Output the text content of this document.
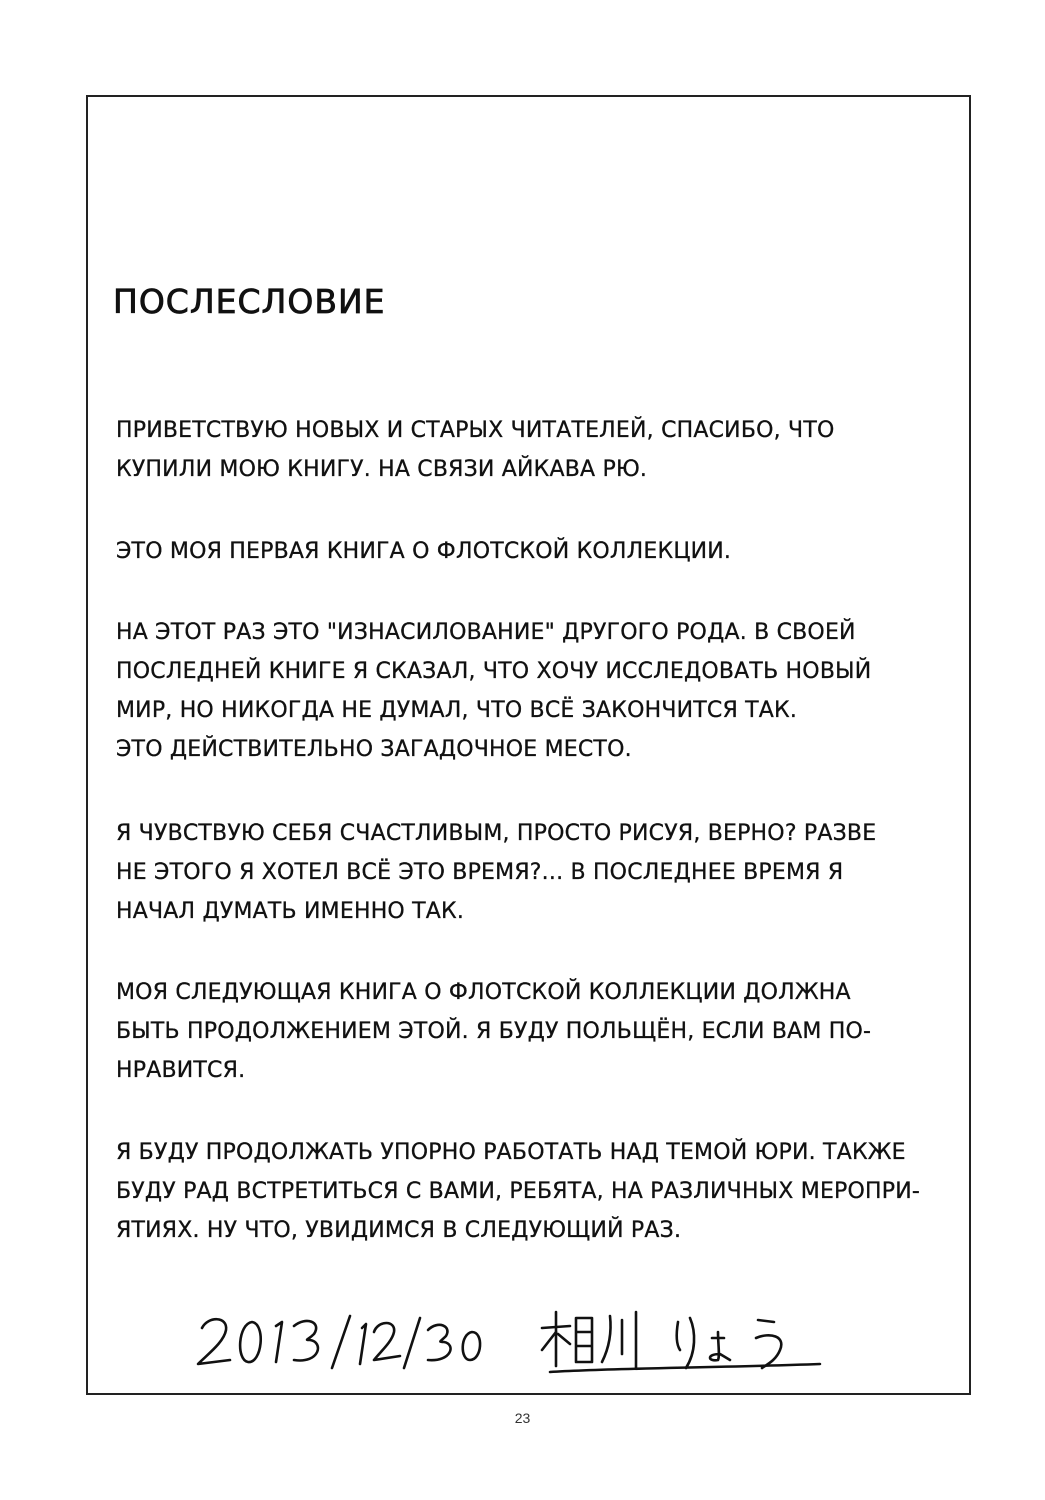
ПОСЛЕСЛОВИЕ
ПРИВЕТСТВУЮ НОВЫХ И СТАРЫХ ЧИТАТЕЛЕЙ, СПАСИБО, ЧТО
КУПИЛИ МОЮ КНИГУ. НА СВЯЗИ АЙКАВА РЮ.
ЭТО МОЯ ПЕРВАЯ КНИГА О ФЛОТСКОЙ КОЛЛЕКЦИИ.
НА ЭТОТ РАЗ ЭТО "ИЗНАСИЛОВАНИЕ" ДРУГОГО РОДА. В СВОЕЙ
ПОСЛЕДНЕЙ КНИГЕ Я СКАЗАЛ, ЧТО ХОЧУ ИССЛЕДОВАТЬ НОВЫЙ
МИР, НО НИКОГДА НЕ ДУМАЛ, ЧТО ВСЁ ЗАКОНЧИТСЯ ТАК.
ЭТО ДЕЙСТВИТЕЛЬНО ЗАГАДОЧНОЕ МЕСТО.
Я ЧУВСТВУЮ СЕБЯ СЧАСТЛИВЫМ, ПРОСТО РИСУЯ, ВЕРНО? РАЗВЕ
НЕ ЭТОГО Я ХОТЕЛ ВСЁ ЭТО ВРЕМЯ?... В ПОСЛЕДНЕЕ ВРЕМЯ Я
НАЧАЛ ДУМАТЬ ИМЕННО ТАК.
МОЯ СЛЕДУЮЩАЯ КНИГА О ФЛОТСКОЙ КОЛЛЕКЦИИ ДОЛЖНА
БЫТЬ ПРОДОЛЖЕНИЕМ ЭТОЙ. Я БУДУ ПОЛЬЩЁН, ЕСЛИ ВАМ ПО-
НРАВИТСЯ.
Я БУДУ ПРОДОЛЖАТЬ УПОРНО РАБОТАТЬ НАД ТЕМОЙ ЮРИ. ТАКЖЕ
БУДУ РАД ВСТРЕТИТЬСЯ С ВАМИ, РЕБЯТА, НА РАЗЛИЧНЫХ МЕРОПРИ-
ЯТИЯХ. НУ ЧТО, УВИДИМСЯ В СЛЕДУЮЩИЙ РАЗ.
23
